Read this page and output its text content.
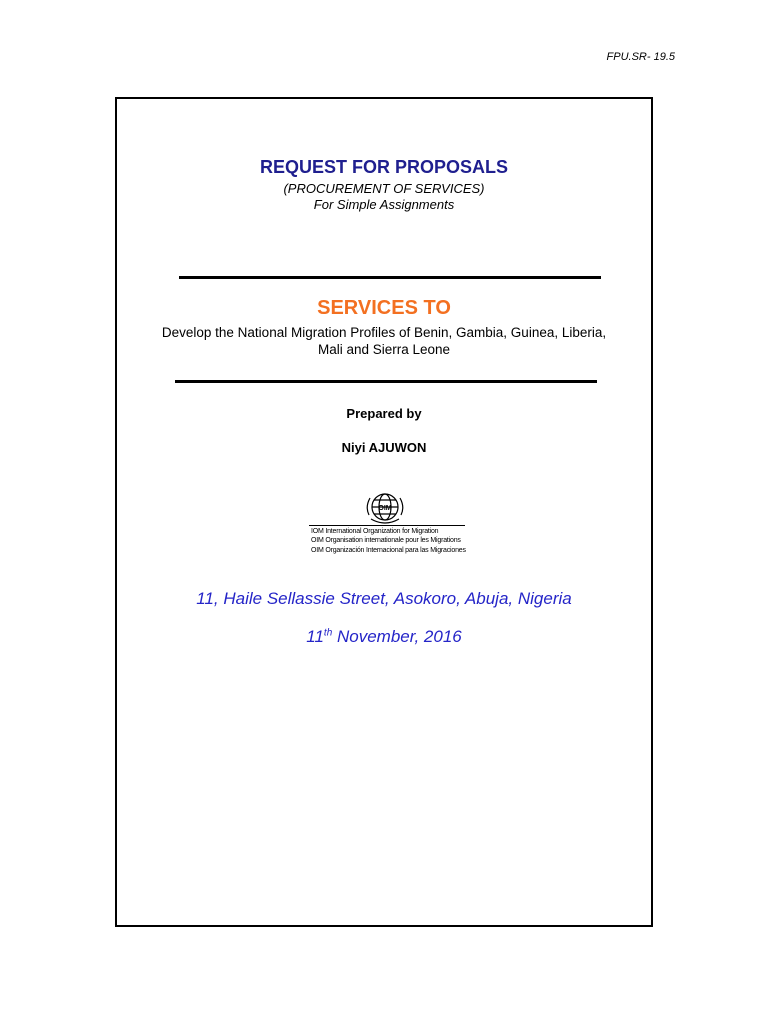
FPU.SR- 19.5
REQUEST FOR PROPOSALS
(PROCUREMENT OF SERVICES)
For Simple Assignments
SERVICES TO
Develop the National Migration Profiles of Benin, Gambia, Guinea, Liberia,
Mali and Sierra Leone
Prepared by
Niyi AJUWON
OIM
IOM International Organization for Migration
OIM Organisation internationale pour les Migrations
OIM Organización Internacional para las Migraciones
11, Haile Sellassie Street, Asokoro, Abuja, Nigeria
11th November, 2016
